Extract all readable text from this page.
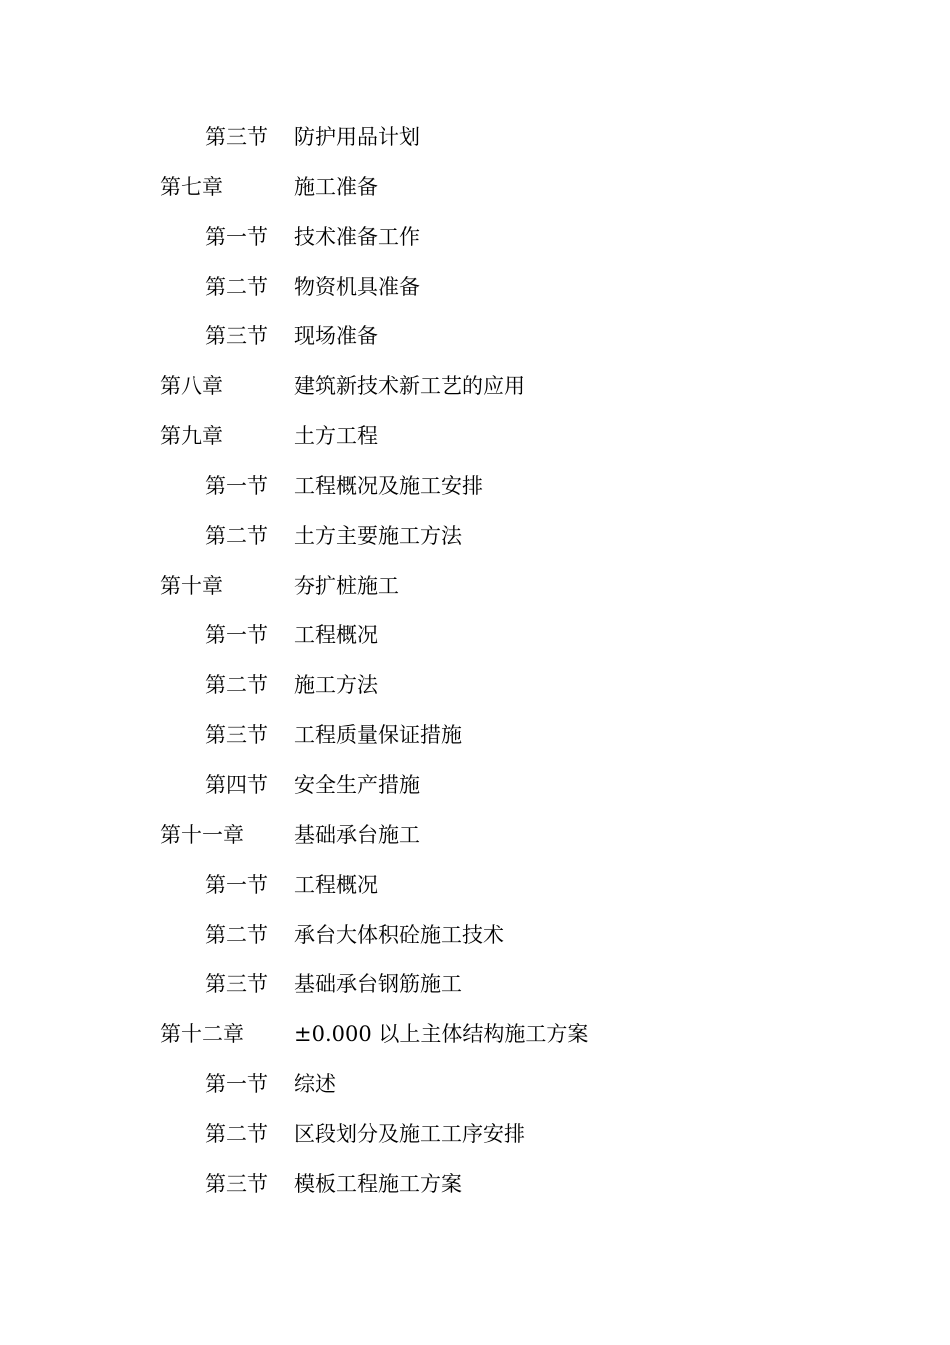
第三节 防护用品计划
第七章	施工准备
第一节 技术准备工作
第二节 物资机具准备
第三节 现场准备
第八章	建筑新技术新工艺的应用
第九章	土方工程
第一节 工程概况及施工安排
第二节 土方主要施工方法
第十章	夯扩桩施工
第一节 工程概况
第二节 施工方法
第三节 工程质量保证措施
第四节 安全生产措施
第十一章 基础承台施工
第一节 工程概况
第二节 承台大体积砼施工技术
第三节 基础承台钢筋施工
第十二章 ±0.000 以上主体结构施工方案
第一节 综述
第二节 区段划分及施工工序安排
第三节 模板工程施工方案
